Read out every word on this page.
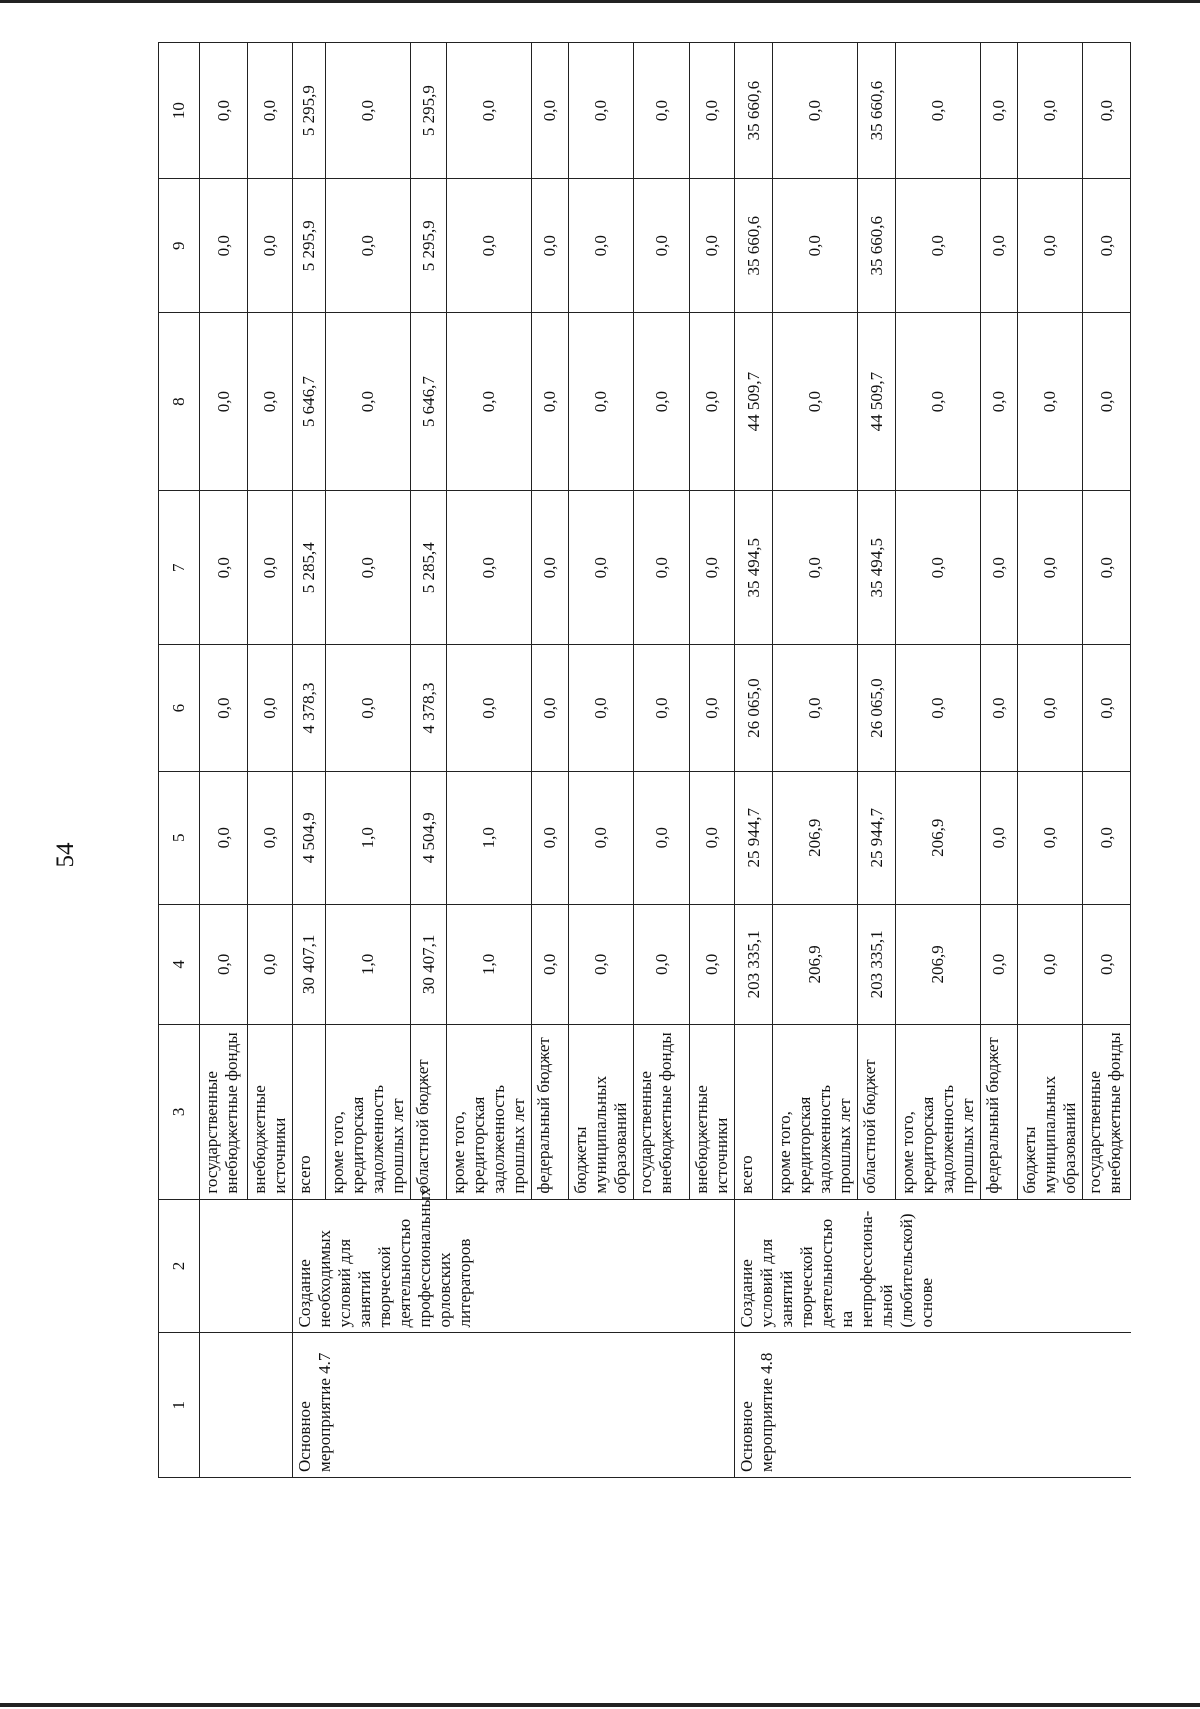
54
1	2	3	4	5	6	7	8	9	10
		государственные внебюджетные фонды	0,0	0,0	0,0	0,0	0,0	0,0	0,0
		внебюджетные источники	0,0	0,0	0,0	0,0	0,0	0,0	0,0
Основное мероприятие 4.7	Создание необходимых условий для занятий творческой деятельностью профессиональных орловских литераторов	всего	30 407,1	4 504,9	4 378,3	5 285,4	5 646,7	5 295,9	5 295,9
		кроме того, кредиторская задолженность прошлых лет	1,0	1,0	0,0	0,0	0,0	0,0	0,0
		областной бюджет	30 407,1	4 504,9	4 378,3	5 285,4	5 646,7	5 295,9	5 295,9
		кроме того, кредиторская задолженность прошлых лет	1,0	1,0	0,0	0,0	0,0	0,0	0,0
		федеральный бюджет	0,0	0,0	0,0	0,0	0,0	0,0	0,0
		бюджеты муниципальных образований	0,0	0,0	0,0	0,0	0,0	0,0	0,0
		государственные внебюджетные фонды	0,0	0,0	0,0	0,0	0,0	0,0	0,0
		внебюджетные источники	0,0	0,0	0,0	0,0	0,0	0,0	0,0
Основное мероприятие 4.8	Создание условий для занятий творческой деятельностью на непрофессиона-льной (любительской) основе	всего	203 335,1	25 944,7	26 065,0	35 494,5	44 509,7	35 660,6	35 660,6
		кроме того, кредиторская задолженность прошлых лет	206,9	206,9	0,0	0,0	0,0	0,0	0,0
		областной бюджет	203 335,1	25 944,7	26 065,0	35 494,5	44 509,7	35 660,6	35 660,6
		кроме того, кредиторская задолженность прошлых лет	206,9	206,9	0,0	0,0	0,0	0,0	0,0
		федеральный бюджет	0,0	0,0	0,0	0,0	0,0	0,0	0,0
		бюджеты муниципальных образований	0,0	0,0	0,0	0,0	0,0	0,0	0,0
		государственные внебюджетные фонды	0,0	0,0	0,0	0,0	0,0	0,0	0,0
